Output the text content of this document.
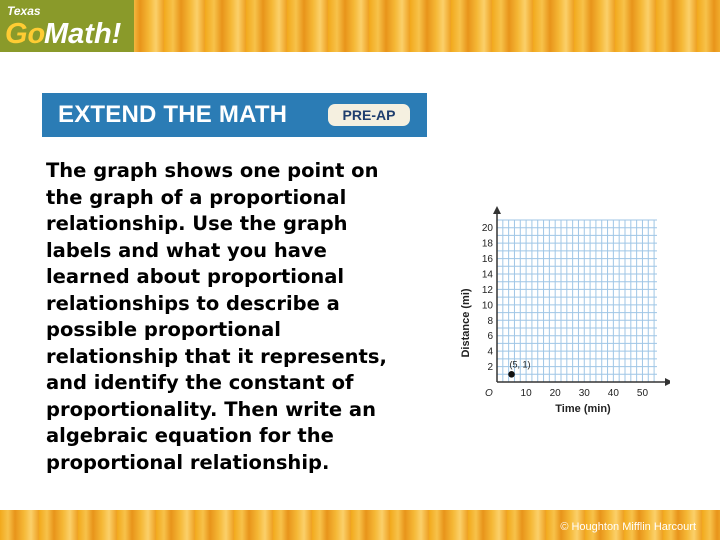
Texas
Go
Math!
EXTEND THE MATH	PRE-AP
The graph shows one point on
the graph of a proportional
relationship. Use the graph
labels and what you have
learned about proportional
relationships to describe a
possible proportional
relationship that it represents,
and identify the constant of
proportionality. Then write an
algebraic equation for the
proportional relationship.
10 20 30 40 50
2
4
6
8
10
12
14
16
18
20
O
Time (min)
Distance (mi)
(5, 1)
© Houghton Mifflin Harcourt
